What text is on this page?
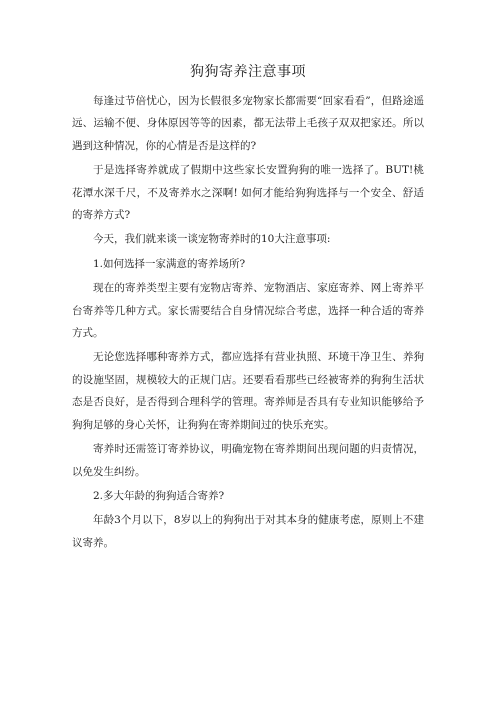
狗狗寄养注意事项

每逢过节倍忧心，因为长假很多宠物家长都需要“回家看看”，但路途遥远、运输不便、身体原因等等的因素，都无法带上毛孩子双双把家还。所以遇到这种情况，你的心情是否是这样的?

于是选择寄养就成了假期中这些家长安置狗狗的唯一选择了。BUT!桃花潭水深千尺，不及寄养水之深啊! 如何才能给狗狗选择与一个安全、舒适的寄养方式?

今天，我们就来谈一谈宠物寄养时的10大注意事项:

1.如何选择一家满意的寄养场所?

现在的寄养类型主要有宠物店寄养、宠物酒店、家庭寄养、网上寄养平台寄养等几种方式。家长需要结合自身情况综合考虑，选择一种合适的寄养方式。

无论您选择哪种寄养方式，都应选择有营业执照、环境干净卫生、养狗的设施坚固，规模较大的正规门店。还要看看那些已经被寄养的狗狗生活状态是否良好，是否得到合理科学的管理。寄养师是否具有专业知识能够给予狗狗足够的身心关怀，让狗狗在寄养期间过的快乐充实。

寄养时还需签订寄养协议，明确宠物在寄养期间出现问题的归责情况，以免发生纠纷。

2.多大年龄的狗狗适合寄养?

年龄3个月以下，8岁以上的狗狗出于对其本身的健康考虑，原则上不建议寄养。
